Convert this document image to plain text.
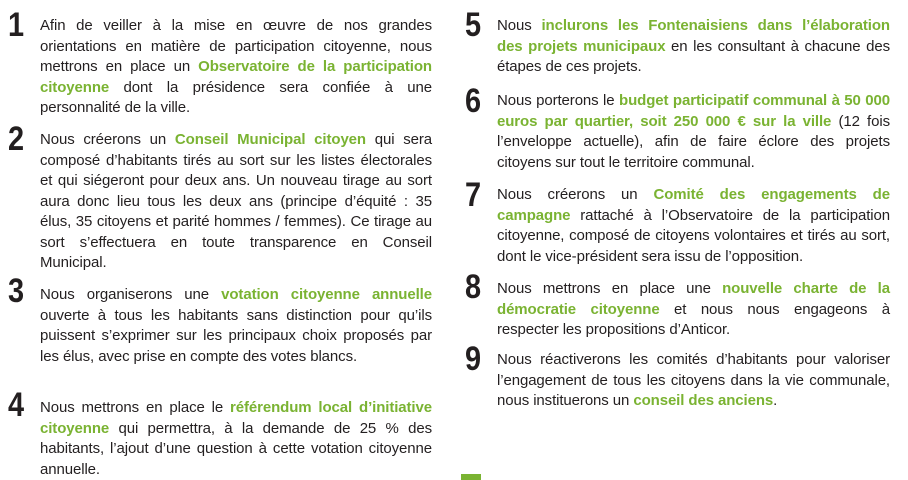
1 Afin de veiller à la mise en œuvre de nos grandes orientations en matière de participation citoyenne, nous mettrons en place un Observatoire de la participation citoyenne dont la présidence sera confiée à une personnalité de la ville.
2 Nous créerons un Conseil Municipal citoyen qui sera composé d’habitants tirés au sort sur les listes électorales et qui siégeront pour deux ans. Un nouveau tirage au sort aura donc lieu tous les deux ans (principe d’équité : 35 élus, 35 citoyens et parité hommes / femmes). Ce tirage au sort s’effectuera en toute transparence en Conseil Municipal.
3 Nous organiserons une votation citoyenne annuelle ouverte à tous les habitants sans distinction pour qu’ils puissent s’exprimer sur les principaux choix proposés par les élus, avec prise en compte des votes blancs.
4 Nous mettrons en place le référendum local d’initiative citoyenne qui permettra, à la demande de 25 % des habitants, l’ajout d’une question à cette votation citoyenne annuelle.
5 Nous inclurons les Fontenaisiens dans l’élaboration des projets municipaux en les consultant à chacune des étapes de ces projets.
6 Nous porterons le budget participatif communal à 50 000 euros par quartier, soit 250 000 € sur la ville (12 fois l’enveloppe actuelle), afin de faire éclore des projets citoyens sur tout le territoire communal.
7 Nous créerons un Comité des engagements de campagne rattaché à l’Observatoire de la participation citoyenne, composé de citoyens volontaires et tirés au sort, dont le vice-président sera issu de l’opposition.
8 Nous mettrons en place une nouvelle charte de la démocratie citoyenne et nous nous engageons à respecter les propositions d’Anticor.
9 Nous réactiverons les comités d’habitants pour valoriser l’engagement de tous les citoyens dans la vie communale, nous instituerons un conseil des anciens.
